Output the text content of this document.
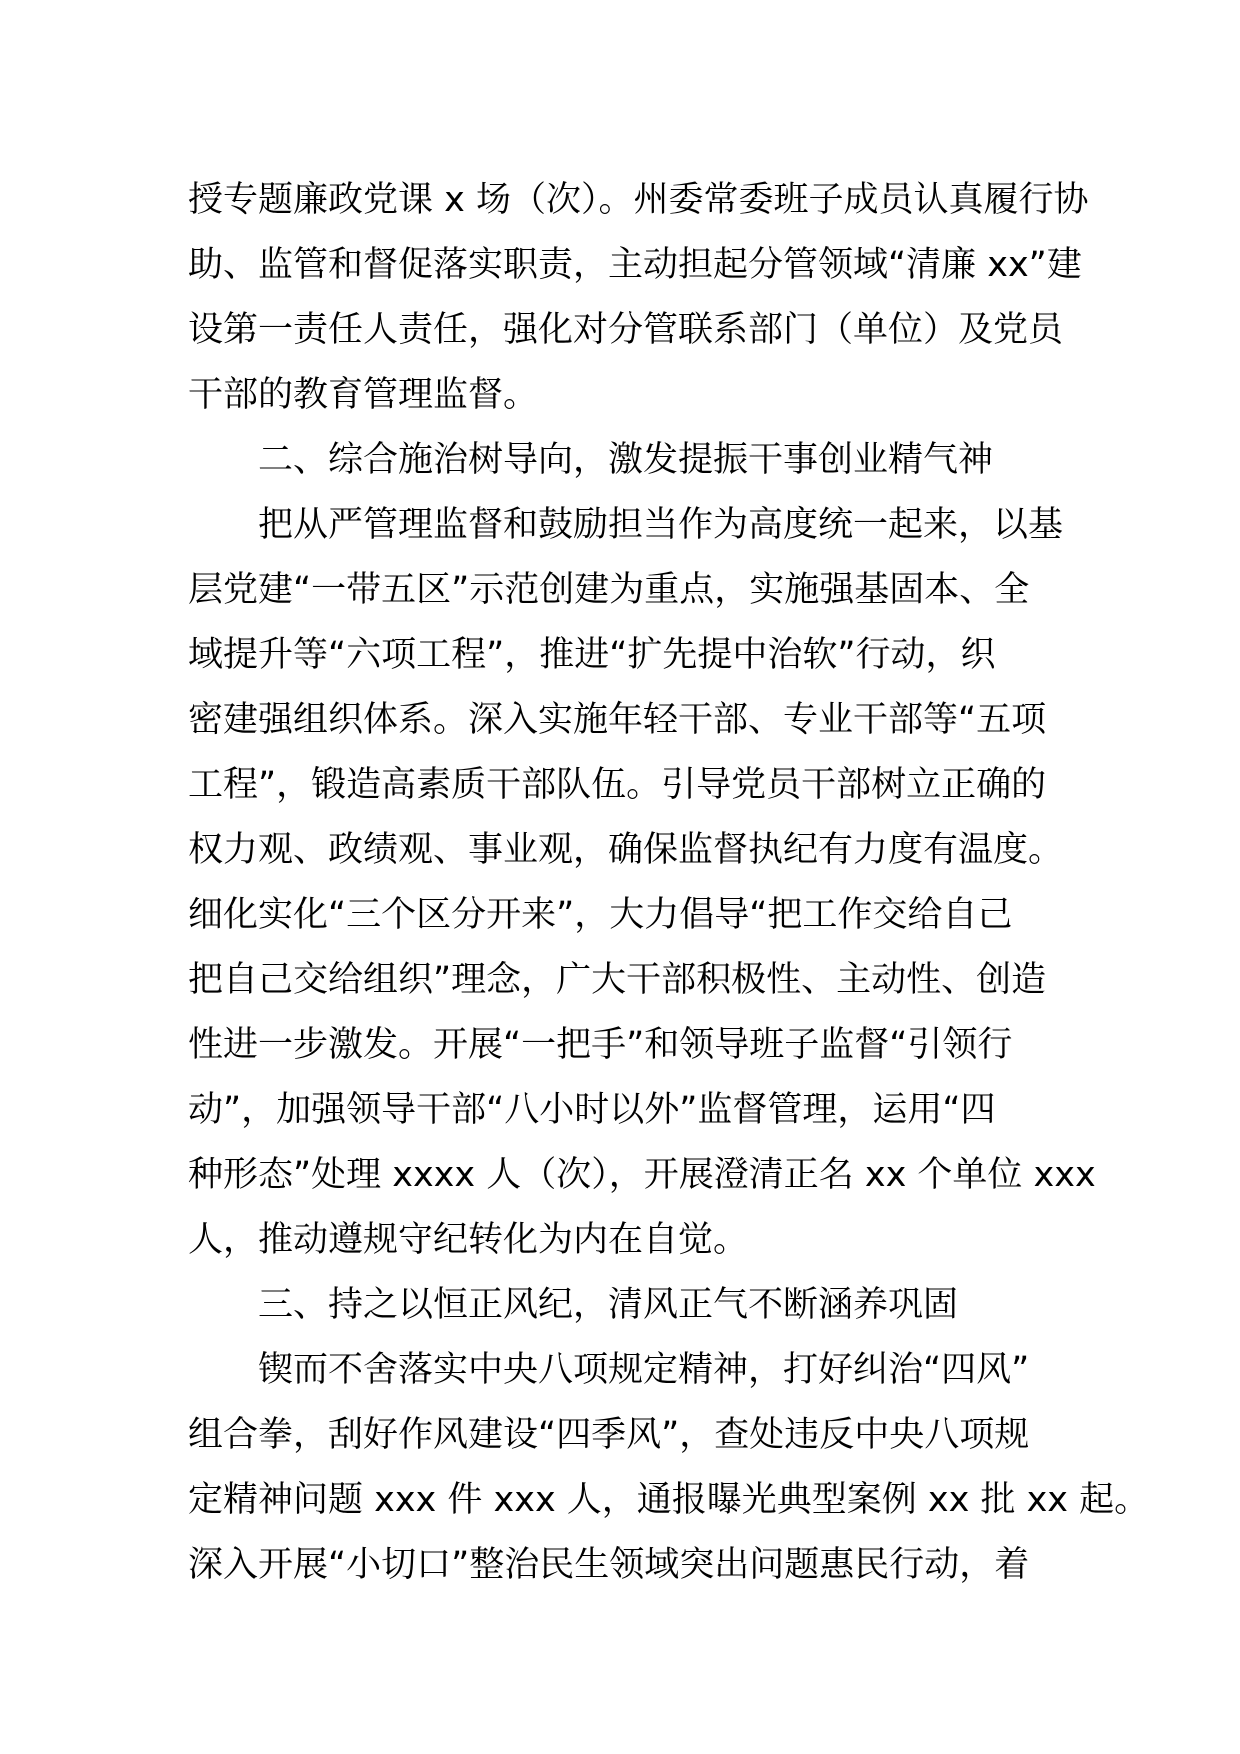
授专题廉政党课 x 场（次）。州委常委班子成员认真履行协
助、监管和督促落实职责，主动担起分管领域“清廉 xx”建
设第一责任人责任，强化对分管联系部门（单位）及党员
干部的教育管理监督。

二、综合施治树导向，激发提振干事创业精气神

把从严管理监督和鼓励担当作为高度统一起来，以基
层党建“一带五区”示范创建为重点，实施强基固本、全
域提升等“六项工程”，推进“扩先提中治软”行动，织
密建强组织体系。深入实施年轻干部、专业干部等“五项
工程”，锻造高素质干部队伍。引导党员干部树立正确的
权力观、政绩观、事业观，确保监督执纪有力度有温度。
细化实化“三个区分开来”，大力倡导“把工作交给自己
把自己交给组织”理念，广大干部积极性、主动性、创造
性进一步激发。开展“一把手”和领导班子监督“引领行
动”，加强领导干部“八小时以外”监督管理，运用“四
种形态”处理 xxxx 人（次），开展澄清正名 xx 个单位 xxx
人，推动遵规守纪转化为内在自觉。

三、持之以恒正风纪，清风正气不断涵养巩固

锲而不舍落实中央八项规定精神，打好纠治“四风”
组合拳，刮好作风建设“四季风”，查处违反中央八项规
定精神问题 xxx 件 xxx 人，通报曝光典型案例 xx 批 xx 起。
深入开展“小切口”整治民生领域突出问题惠民行动，着
